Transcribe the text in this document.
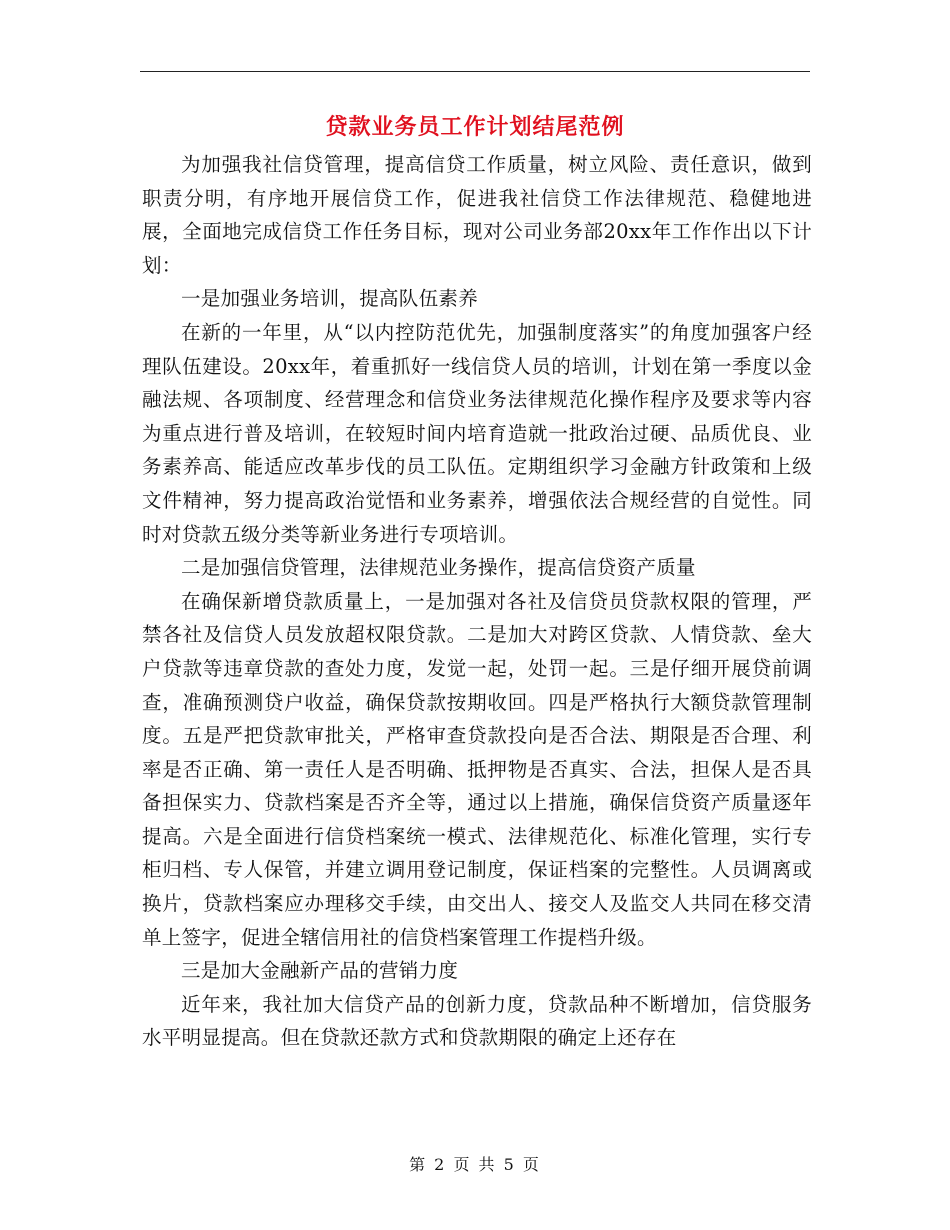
贷款业务员工作计划结尾范例

为加强我社信贷管理，提高信贷工作质量，树立风险、责任意识，做到职责分明，有序地开展信贷工作，促进我社信贷工作法律规范、稳健地进展，全面地完成信贷工作任务目标，现对公司业务部20xx年工作作出以下计划：

一是加强业务培训，提高队伍素养

在新的一年里，从“以内控防范优先，加强制度落实”的角度加强客户经理队伍建设。20xx年，着重抓好一线信贷人员的培训，计划在第一季度以金融法规、各项制度、经营理念和信贷业务法律规范化操作程序及要求等内容为重点进行普及培训，在较短时间内培育造就一批政治过硬、品质优良、业务素养高、能适应改革步伐的员工队伍。定期组织学习金融方针政策和上级文件精神，努力提高政治觉悟和业务素养，增强依法合规经营的自觉性。同时对贷款五级分类等新业务进行专项培训。

二是加强信贷管理，法律规范业务操作，提高信贷资产质量

在确保新增贷款质量上，一是加强对各社及信贷员贷款权限的管理，严禁各社及信贷人员发放超权限贷款。二是加大对跨区贷款、人情贷款、垒大户贷款等违章贷款的查处力度，发觉一起，处罚一起。三是仔细开展贷前调查，准确预测贷户收益，确保贷款按期收回。四是严格执行大额贷款管理制度。五是严把贷款审批关，严格审查贷款投向是否合法、期限是否合理、利率是否正确、第一责任人是否明确、抵押物是否真实、合法，担保人是否具备担保实力、贷款档案是否齐全等，通过以上措施，确保信贷资产质量逐年提高。六是全面进行信贷档案统一模式、法律规范化、标准化管理，实行专柜归档、专人保管，并建立调用登记制度，保证档案的完整性。人员调离或换片，贷款档案应办理移交手续，由交出人、接交人及监交人共同在移交清单上签字，促进全辖信用社的信贷档案管理工作提档升级。

三是加大金融新产品的营销力度

近年来，我社加大信贷产品的创新力度，贷款品种不断增加，信贷服务水平明显提高。但在贷款还款方式和贷款期限的确定上还存在

第 2 页 共 5 页
